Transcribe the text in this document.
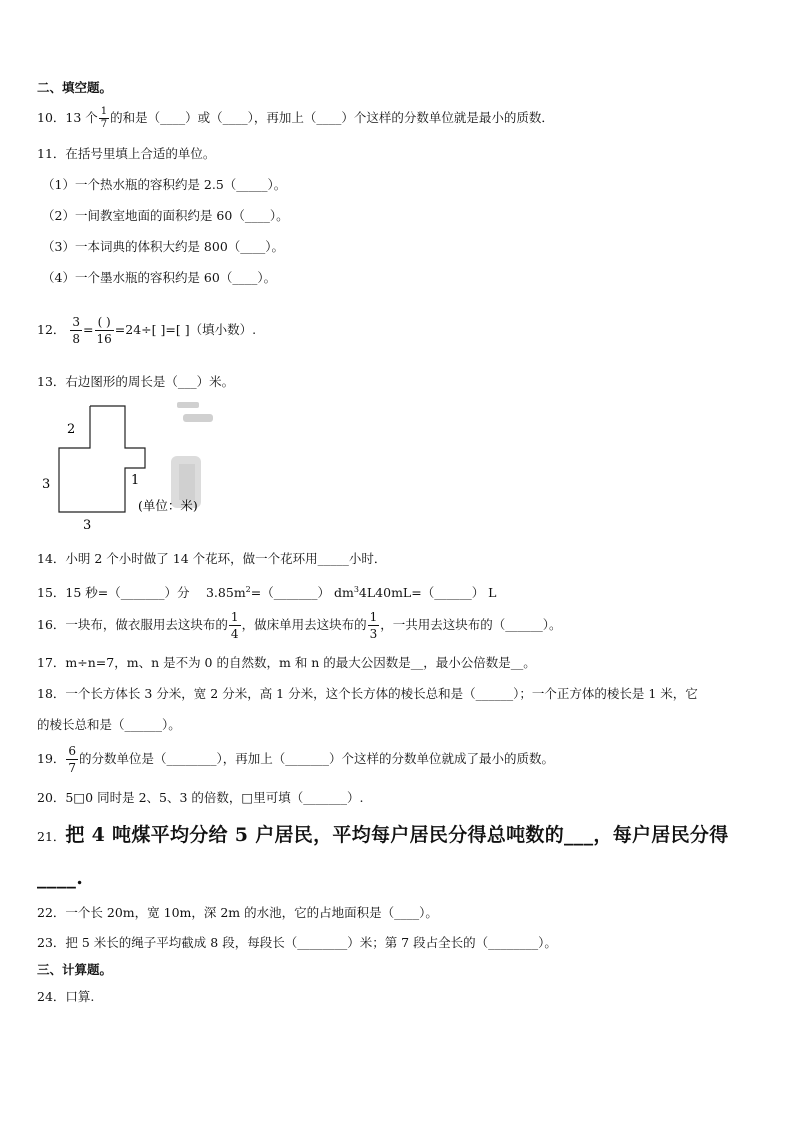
二、填空题。
10．13 个 $\frac{1}{7}$ 的和是（____）或（____），再加上（____）个这样的分数单位就是最小的质数．
11．在括号里填上合适的单位。
（1）一个热水瓶的容积约是 2.5（_____）。
（2）一间教室地面的面积约是 60（____）。
（3）一本词典的体积大约是 800（____）。
（4）一个墨水瓶的容积约是 60（____）。
12． $\frac{3}{8} = \frac{( )}{16} =24\div$[ ]=[ ]（填小数）.
13．右边图形的周长是（___）米。
2
3
3
1
(单位：米)
14．小明 2 个小时做了 14 个花环，做一个花环用_____小时．
15．15 秒=（_______）分　 $3.85m^2=(\_\_\_\_\_\_\_)$ $dm^34L40mL=(\_\_\_\_\_\_)$ L
16．一块布，做衣服用去这块布的 $\frac{1}{4}$ ，做床单用去这块布的 $\frac{1}{3}$ ，一共用去这块布的（______）。
17．m÷n=7，m、n 是不为 0 的自然数，m 和 n 的最大公因数是__，最小公倍数是__。
18．一个长方体长 3 分米，宽 2 分米，高 1 分米，这个长方体的棱长总和是（______）；一个正方体的棱长是 1 米，它
的棱长总和是（______）。
19． $\frac{6}{7}$ 的分数单位是（________），再加上（_______）个这样的分数单位就成了最小的质数。
20．5□0 同时是 2、5、3 的倍数，□里可填（_______）.
21．把 4 吨煤平均分给 5 户居民，平均每户居民分得总吨数的___，每户居民分得
____.
22．一个长 20m，宽 10m，深 2m 的水池，它的占地面积是（____）。
23．把 5 米长的绳子平均截成 8 段，每段长（________）米；第 7 段占全长的（________）。
三、计算题。
24．口算.
